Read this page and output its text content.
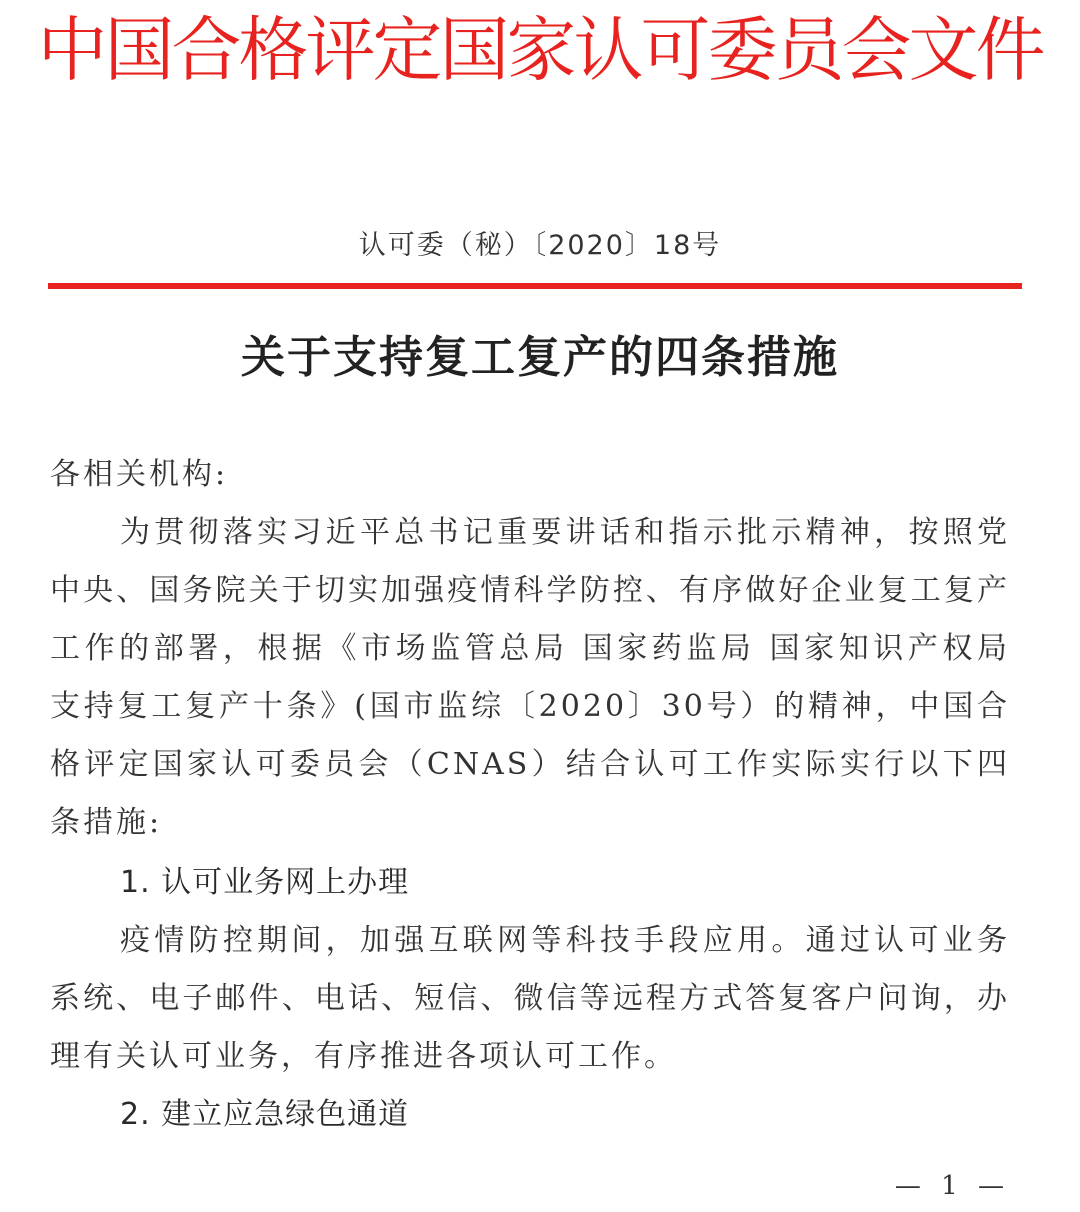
中国合格评定国家认可委员会文件
认可委（秘）〔2020〕18号
关于支持复工复产的四条措施
各相关机构:
为贯彻落实习近平总书记重要讲话和指示批示精神，按照党中央、国务院关于切实加强疫情科学防控、有序做好企业复工复产工作的部署，根据《市场监管总局 国家药监局 国家知识产权局 支持复工复产十条》(国市监综〔2020〕30号）的精神，中国合格评定国家认可委员会（CNAS）结合认可工作实际实行以下四条措施:
1. 认可业务网上办理
疫情防控期间，加强互联网等科技手段应用。通过认可业务系统、电子邮件、电话、短信、微信等远程方式答复客户问询，办理有关认可业务，有序推进各项认可工作。
2. 建立应急绿色通道
— 1 —
